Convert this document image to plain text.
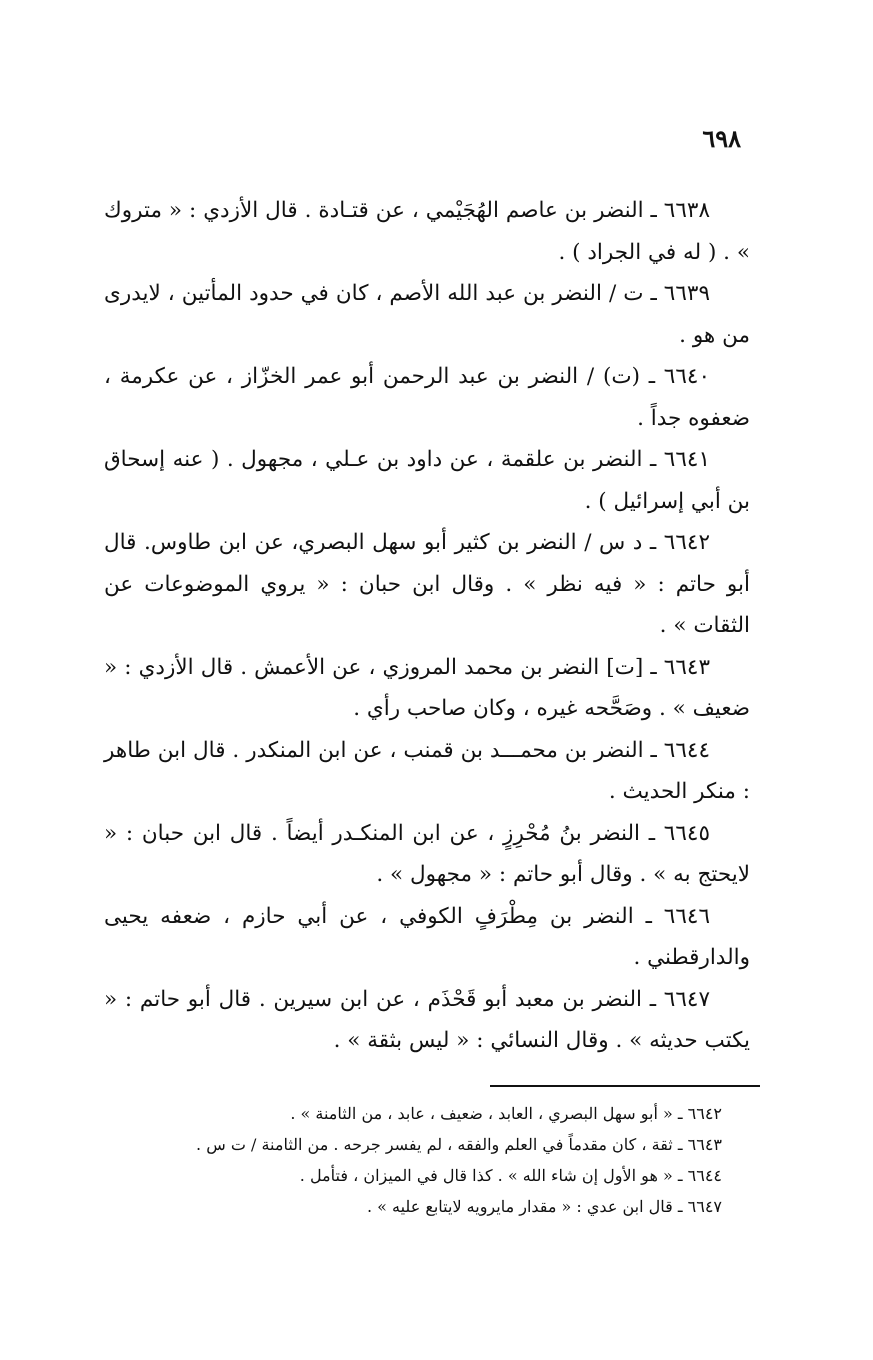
٦٩٨

٦٦٣٨ ـ النضر بن عاصم الهُجَيْمي ، عن قتـادة . قال الأزدي : « متروك » . ( له في الجراد ) .

٦٦٣٩ ـ ت / النضر بن عبد الله الأصم ، كان في حدود المأتين ، لايدرى من هو .

٦٦٤٠ ـ (ت) / النضر بن عبد الرحمن أبو عمر الخزّاز ، عن عكرمة ، ضعفوه جداً .

٦٦٤١ ـ النضر بن علقمة ، عن داود بن عـلي ، مجهول . ( عنه إسحاق بن أبي إسرائيل ) .

٦٦٤٢ ـ د س / النضر بن كثير أبو سهل البصري، عن ابن طاوس. قال أبو حاتم : « فيه نظر » . وقال ابن حبان : « يروي الموضوعات عن الثقات » .

٦٦٤٣ ـ [ت] النضر بن محمد المروزي ، عن الأعمش . قال الأزدي : « ضعيف » . وصَحَّحه غيره ، وكان صاحب رأي .

٦٦٤٤ ـ النضر بن محمـــد بن قمنب ، عن ابن المنكدر . قال ابن طاهر : منكر الحديث .

٦٦٤٥ ـ النضر بنُ مُحْرِزٍ ، عن ابن المنكـدر أيضاً . قال ابن حبان : « لايحتج به » . وقال أبو حاتم : « مجهول » .

٦٦٤٦ ـ النضر بن مِطْرَفٍ الكوفي ، عن أبي حازم ، ضعفه يحيى والدارقطني .

٦٦٤٧ ـ النضر بن معبد أبو قَحْذَم ، عن ابن سيرين . قال أبو حاتم : « يكتب حديثه » . وقال النسائي : « ليس بثقة » .

٦٦٤٢ ـ « أبو سهل البصري ، العابد ، ضعيف ، عابد ، من الثامنة » .

٦٦٤٣ ـ ثقة ، كان مقدماً في العلم والفقه ، لم يفسر جرحه . من الثامنة / ت س .

٦٦٤٤ ـ « هو الأول إن شاء الله » . كذا قال في الميزان ، فتأمل .

٦٦٤٧ ـ قال ابن عدي : « مقدار مايرويه لايتابع عليه » .
